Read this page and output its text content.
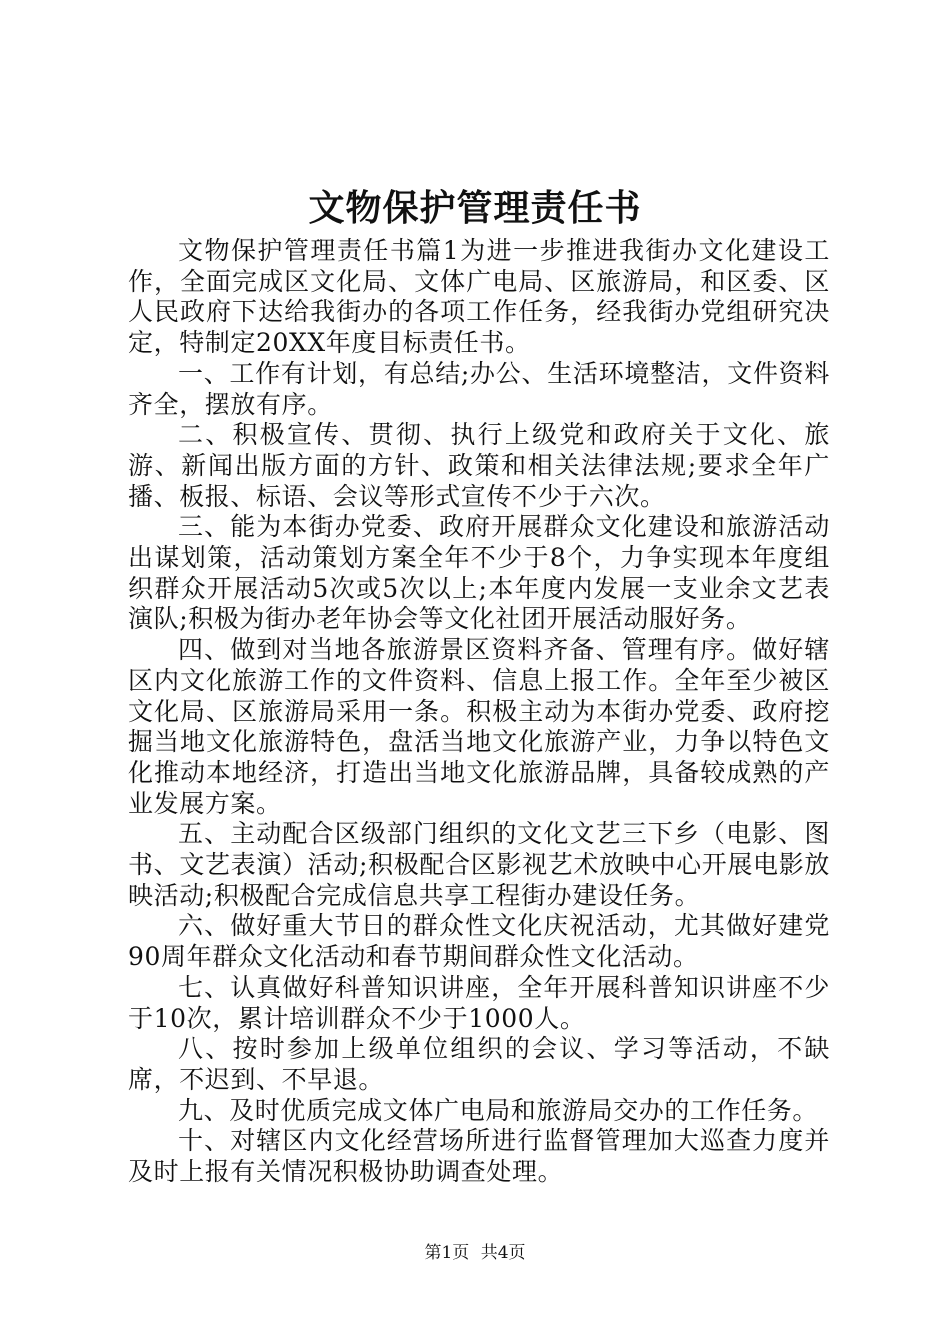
文物保护管理责任书

文物保护管理责任书篇1为进一步推进我街办文化建设工作，全面完成区文化局、文体广电局、区旅游局，和区委、区人民政府下达给我街办的各项工作任务，经我街办党组研究决定，特制定20XX年度目标责任书。

一、工作有计划，有总结;办公、生活环境整洁，文件资料齐全，摆放有序。

二、积极宣传、贯彻、执行上级党和政府关于文化、旅游、新闻出版方面的方针、政策和相关法律法规;要求全年广播、板报、标语、会议等形式宣传不少于六次。

三、能为本街办党委、政府开展群众文化建设和旅游活动出谋划策，活动策划方案全年不少于8个，力争实现本年度组织群众开展活动5次或5次以上;本年度内发展一支业余文艺表演队;积极为街办老年协会等文化社团开展活动服好务。

四、做到对当地各旅游景区资料齐备、管理有序。做好辖区内文化旅游工作的文件资料、信息上报工作。全年至少被区文化局、区旅游局采用一条。积极主动为本街办党委、政府挖掘当地文化旅游特色，盘活当地文化旅游产业，力争以特色文化推动本地经济，打造出当地文化旅游品牌，具备较成熟的产业发展方案。

五、主动配合区级部门组织的文化文艺三下乡（电影、图书、文艺表演）活动;积极配合区影视艺术放映中心开展电影放映活动;积极配合完成信息共享工程街办建设任务。

六、做好重大节日的群众性文化庆祝活动，尤其做好建党90周年群众文化活动和春节期间群众性文化活动。

七、认真做好科普知识讲座，全年开展科普知识讲座不少于10次，累计培训群众不少于1000人。

八、按时参加上级单位组织的会议、学习等活动，不缺席，不迟到、不早退。

九、及时优质完成文体广电局和旅游局交办的工作任务。

十、对辖区内文化经营场所进行监督管理加大巡查力度并及时上报有关情况积极协助调查处理。

第1页 共4页
